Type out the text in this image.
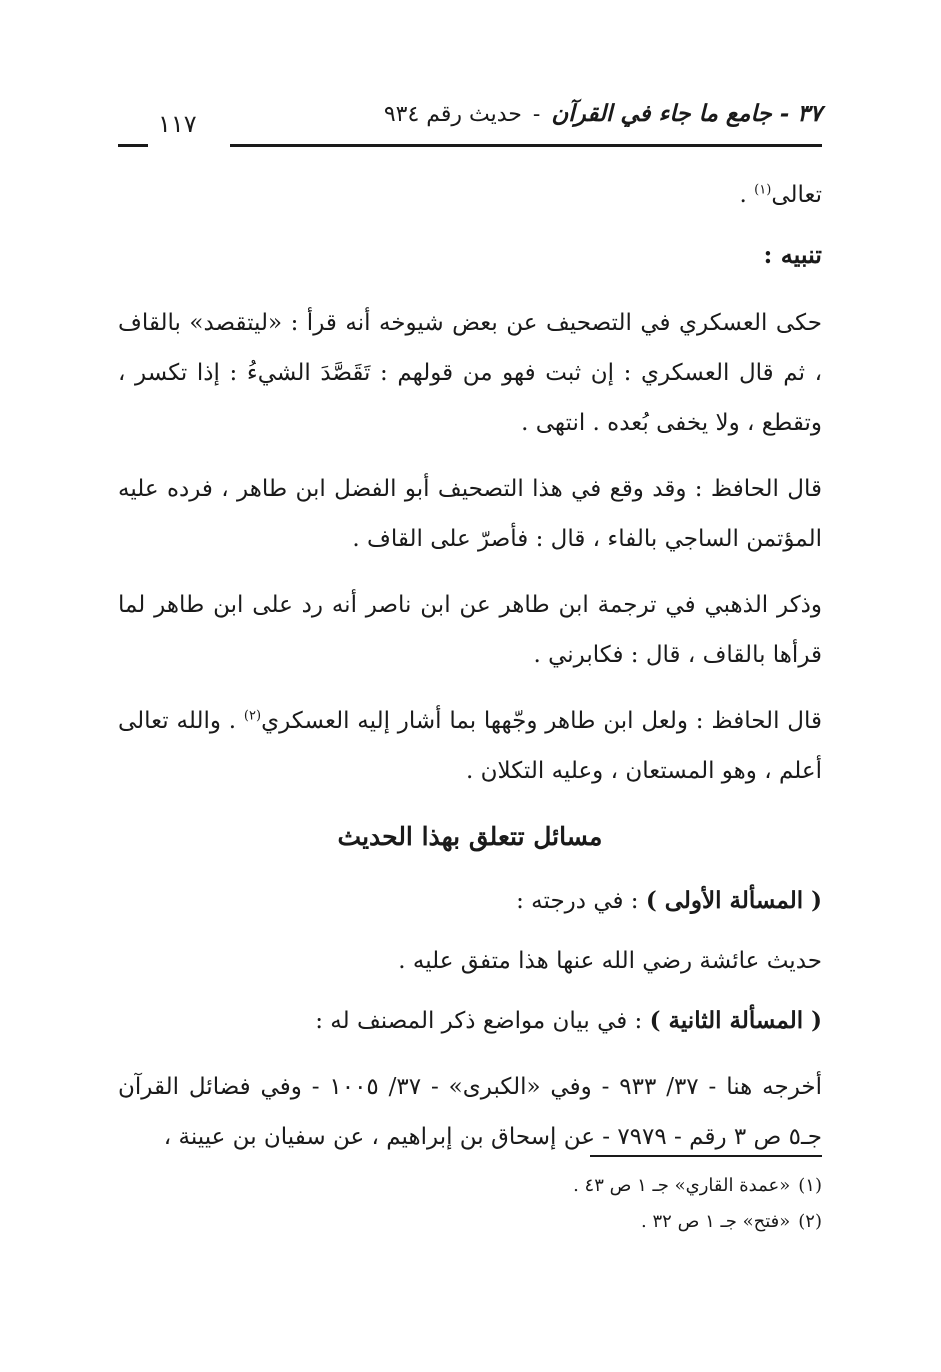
٣٧ - جامع ما جاء في القرآن - حديث رقم ٩٣٤
١١٧

تعالى$^{(١)}$ .

تنبيه :

حكى العسكري في التصحيف عن بعض شيوخه أنه قرأ : «ليتقصد» بالقاف ، ثم قال العسكري : إن ثبت فهو من قولهم : تَقَصَّدَ الشيءُ : إذا تكسر ، وتقطع ، ولا يخفى بُعده . انتهى .

قال الحافظ : وقد وقع في هذا التصحيف أبو الفضل ابن طاهر ، فرده عليه المؤتمن الساجي بالفاء ، قال : فأصرّ على القاف .

وذكر الذهبي في ترجمة ابن طاهر عن ابن ناصر أنه رد على ابن طاهر لما قرأها بالقاف ، قال : فكابرني .

قال الحافظ : ولعل ابن طاهر وجّهها بما أشار إليه العسكري$^{(٢)}$ . والله تعالى أعلم ، وهو المستعان ، وعليه التكلان .

مسائل تتعلق بهذا الحديث

( المسألة الأولى ) : في درجته :

حديث عائشة رضي الله عنها هذا متفق عليه .

( المسألة الثانية ) : في بيان مواضع ذكر المصنف له :

أخرجه هنا - ٣٧/ ٩٣٣ - وفي «الكبرى» - ٣٧/ ١٠٠٥ - وفي فضائل القرآن جـ٥ ص ٣ رقم - ٧٩٧٩ - عن إسحاق بن إبراهيم ، عن سفيان بن عيينة ،

(١)«عمدة القاري» جـ ١ ص ٤٣ .
(٢)«فتح» جـ ١ ص ٣٢ .
